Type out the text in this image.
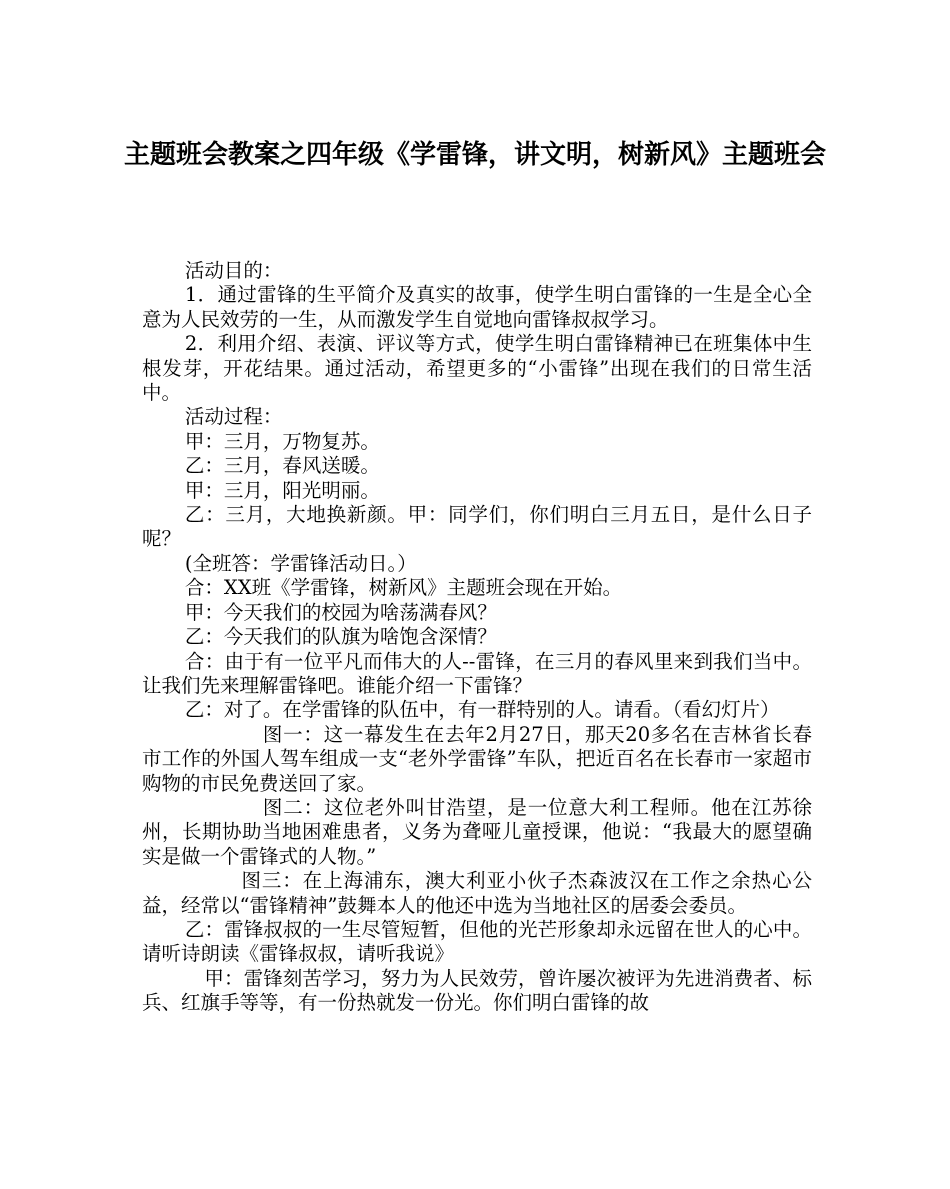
主题班会教案之四年级《学雷锋，讲文明，树新风》主题班会

活动目的：

1．通过雷锋的生平简介及真实的故事，使学生明白雷锋的一生是全心全意为人民效劳的一生，从而激发学生自觉地向雷锋叔叔学习。

2．利用介绍、表演、评议等方式，使学生明白雷锋精神已在班集体中生根发芽，开花结果。通过活动，希望更多的“小雷锋”出现在我们的日常生活中。

活动过程：

甲：三月，万物复苏。

乙：三月，春风送暖。

甲：三月，阳光明丽。

乙：三月，大地换新颜。甲：同学们，你们明白三月五日，是什么日子呢？

(全班答：学雷锋活动日。）

合：XX班《学雷锋，树新风》主题班会现在开始。

甲：今天我们的校园为啥荡满春风？

乙：今天我们的队旗为啥饱含深情？

合：由于有一位平凡而伟大的人--雷锋，在三月的春风里来到我们当中。让我们先来理解雷锋吧。谁能介绍一下雷锋？

乙：对了。在学雷锋的队伍中，有一群特别的人。请看。（看幻灯片）

图一：这一幕发生在去年2月27日，那天20多名在吉林省长春市工作的外国人驾车组成一支“老外学雷锋”车队，把近百名在长春市一家超市购物的市民免费送回了家。

图二：这位老外叫甘浩望，是一位意大利工程师。他在江苏徐州，长期协助当地困难患者，义务为聋哑儿童授课，他说：“我最大的愿望确实是做一个雷锋式的人物。”

图三：在上海浦东，澳大利亚小伙子杰森波汉在工作之余热心公益，经常以“雷锋精神”鼓舞本人的他还中选为当地社区的居委会委员。

乙：雷锋叔叔的一生尽管短暂，但他的光芒形象却永远留在世人的心中。请听诗朗读《雷锋叔叔，请听我说》

甲：雷锋刻苦学习，努力为人民效劳，曾许屡次被评为先进消费者、标兵、红旗手等等，有一份热就发一份光。你们明白雷锋的故
